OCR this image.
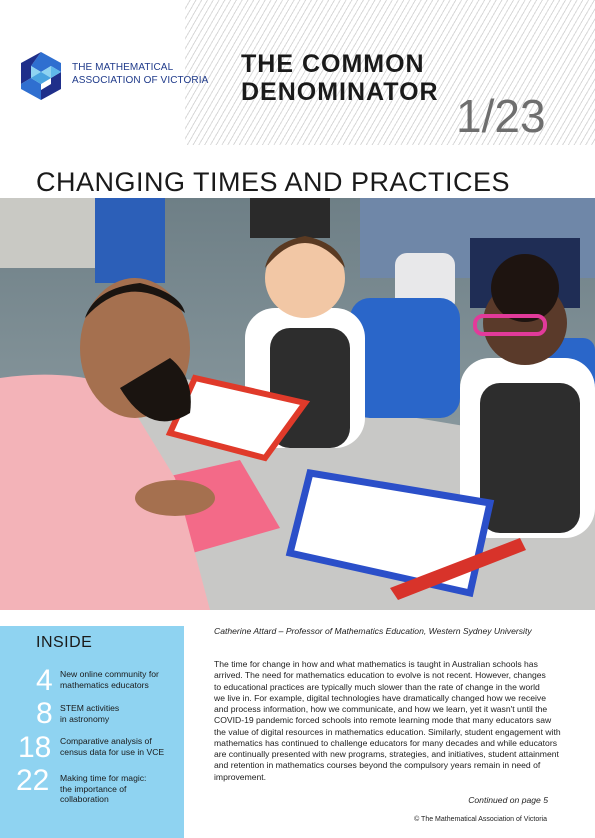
THE MATHEMATICAL ASSOCIATION OF VICTORIA
THE COMMON
DENOMINATOR 1/23
CHANGING TIMES AND PRACTICES
INSIDE
4 New online community for
mathematics educators
8 STEM activities
in astronomy
18 Comparative analysis of
census data for use in VCE
22 Making time for magic:
the importance of
collaboration
Catherine Attard – Professor of Mathematics Education, Western Sydney University
The time for change in how and what mathematics is taught in Australian schools has
arrived. The need for mathematics education to evolve is not recent. However, changes
to educational practices are typically much slower than the rate of change in the world
we live in. For example, digital technologies have dramatically changed how we receive
and process information, how we communicate, and how we learn, yet it wasn't until the
COVID-19 pandemic forced schools into remote learning mode that many educators saw
the value of digital resources in mathematics education. Similarly, student engagement with
mathematics has continued to challenge educators for many decades and while educators
are continually presented with new programs, strategies, and initiatives, student attainment
and retention in mathematics courses beyond the compulsory years remain in need of
improvement.
Continued on page 5
© The Mathematical Association of Victoria
